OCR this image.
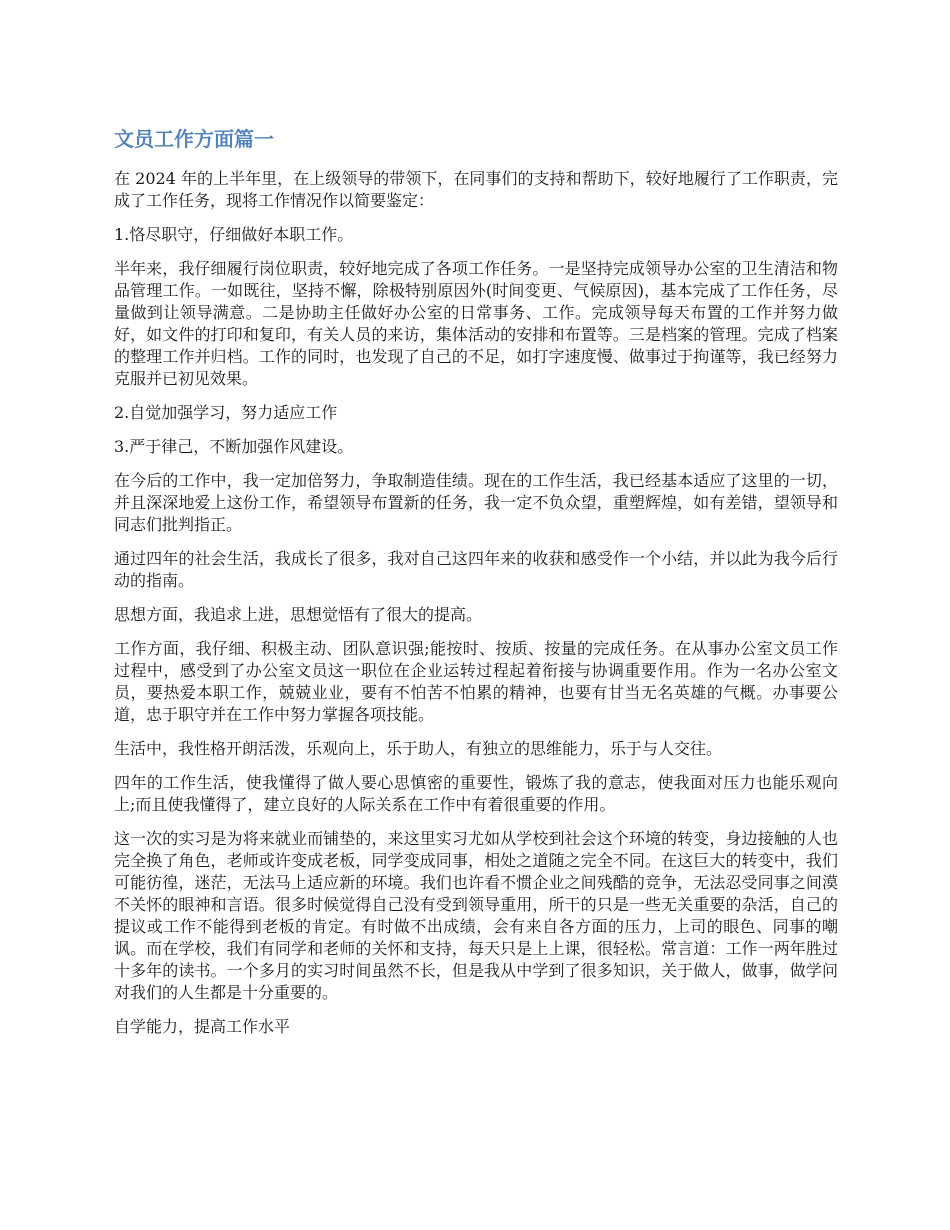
文员工作方面篇一

在 2024 年的上半年里，在上级领导的带领下，在同事们的支持和帮助下，较好地履行了工作职责，完成了工作任务，现将工作情况作以简要鉴定：

1.恪尽职守，仔细做好本职工作。

半年来，我仔细履行岗位职责，较好地完成了各项工作任务。一是坚持完成领导办公室的卫生清洁和物品管理工作。一如既往，坚持不懈，除极特别原因外(时间变更、气候原因)，基本完成了工作任务，尽量做到让领导满意。二是协助主任做好办公室的日常事务、工作。完成领导每天布置的工作并努力做好，如文件的打印和复印，有关人员的来访，集体活动的安排和布置等。三是档案的管理。完成了档案的整理工作并归档。工作的同时，也发现了自己的不足，如打字速度慢、做事过于拘谨等，我已经努力克服并已初见效果。

2.自觉加强学习，努力适应工作

3.严于律己，不断加强作风建设。

在今后的工作中，我一定加倍努力，争取制造佳绩。现在的工作生活，我已经基本适应了这里的一切，并且深深地爱上这份工作，希望领导布置新的任务，我一定不负众望，重塑辉煌，如有差错，望领导和同志们批判指正。

通过四年的社会生活，我成长了很多，我对自己这四年来的收获和感受作一个小结，并以此为我今后行动的指南。

思想方面，我追求上进，思想觉悟有了很大的提高。

工作方面，我仔细、积极主动、团队意识强;能按时、按质、按量的完成任务。在从事办公室文员工作过程中，感受到了办公室文员这一职位在企业运转过程起着衔接与协调重要作用。作为一名办公室文员，要热爱本职工作，兢兢业业，要有不怕苦不怕累的精神，也要有甘当无名英雄的气概。办事要公道，忠于职守并在工作中努力掌握各项技能。

生活中，我性格开朗活泼，乐观向上，乐于助人，有独立的思维能力，乐于与人交往。

四年的工作生活，使我懂得了做人要心思慎密的重要性，锻炼了我的意志，使我面对压力也能乐观向上;而且使我懂得了，建立良好的人际关系在工作中有着很重要的作用。

这一次的实习是为将来就业而铺垫的，来这里实习尤如从学校到社会这个环境的转变，身边接触的人也完全换了角色，老师或许变成老板，同学变成同事，相处之道随之完全不同。在这巨大的转变中，我们可能彷徨，迷茫，无法马上适应新的环境。我们也许看不惯企业之间残酷的竞争，无法忍受同事之间漠不关怀的眼神和言语。很多时候觉得自己没有受到领导重用，所干的只是一些无关重要的杂活，自己的提议或工作不能得到老板的肯定。有时做不出成绩，会有来自各方面的压力，上司的眼色、同事的嘲讽。而在学校，我们有同学和老师的关怀和支持，每天只是上上课，很轻松。常言道：工作一两年胜过十多年的读书。一个多月的实习时间虽然不长，但是我从中学到了很多知识，关于做人，做事，做学问对我们的人生都是十分重要的。

自学能力，提高工作水平
